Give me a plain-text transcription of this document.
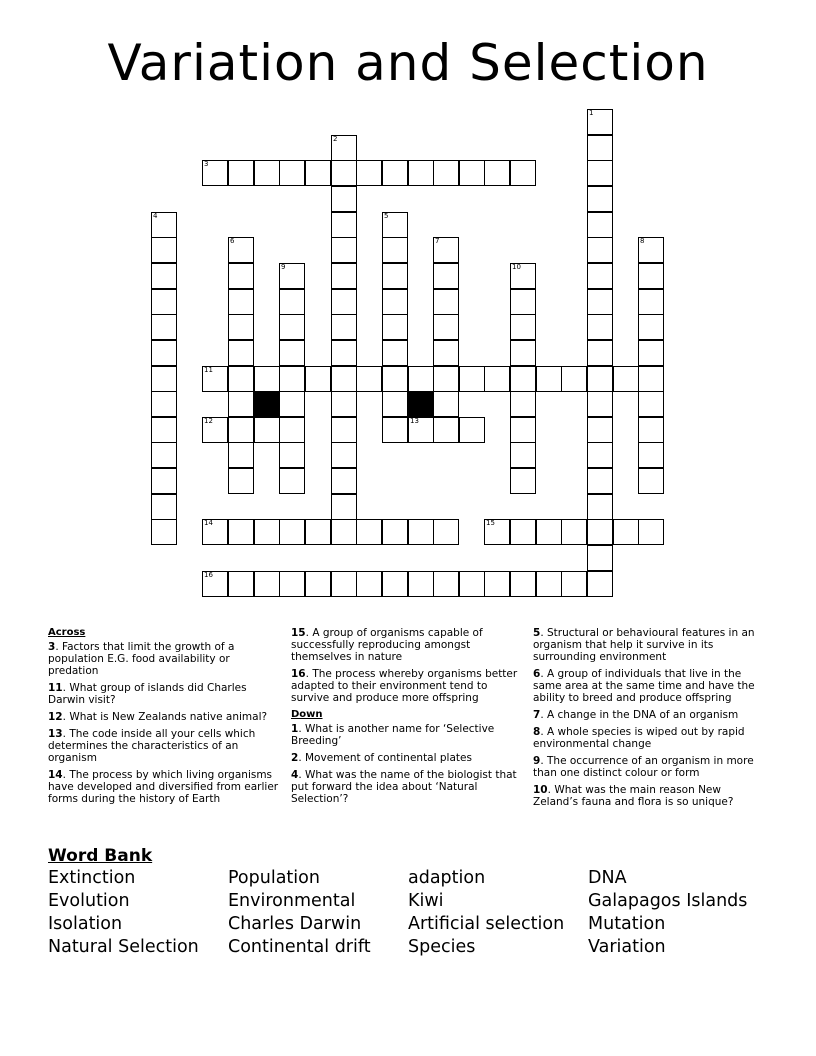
Variation and Selection
1
2
3
4	5
6	7	8
9	10
11
12	13
14	15
16
Across
3. Factors that limit the growth of a population E.G. food availability or predation
11. What group of islands did Charles Darwin visit?
12. What is New Zealands native animal?
13. The code inside all your cells which determines the characteristics of an organism
14. The process by which living organisms have developed and diversified from earlier forms during the history of Earth
15. A group of organisms capable of successfully reproducing amongst themselves in nature
16. The process whereby organisms better adapted to their environment tend to survive and produce more offspring
Down
1. What is another name for ‘Selective Breeding’
2. Movement of continental plates
4. What was the name of the biologist that put forward the idea about ‘Natural Selection’?
5. Structural or behavioural features in an organism that help it survive in its surrounding environment
6. A group of individuals that live in the same area at the same time and have the ability to breed and produce offspring
7. A change in the DNA of an organism
8. A whole species is wiped out by rapid environmental change
9. The occurrence of an organism in more than one distinct colour or form
10. What was the main reason New Zeland’s fauna and flora is so unique?
Word Bank
Extinction
Evolution
Isolation
Natural Selection
Population
Environmental
Charles Darwin
Continental drift
adaption
Kiwi
Artificial selection
Species
DNA
Galapagos Islands
Mutation
Variation
